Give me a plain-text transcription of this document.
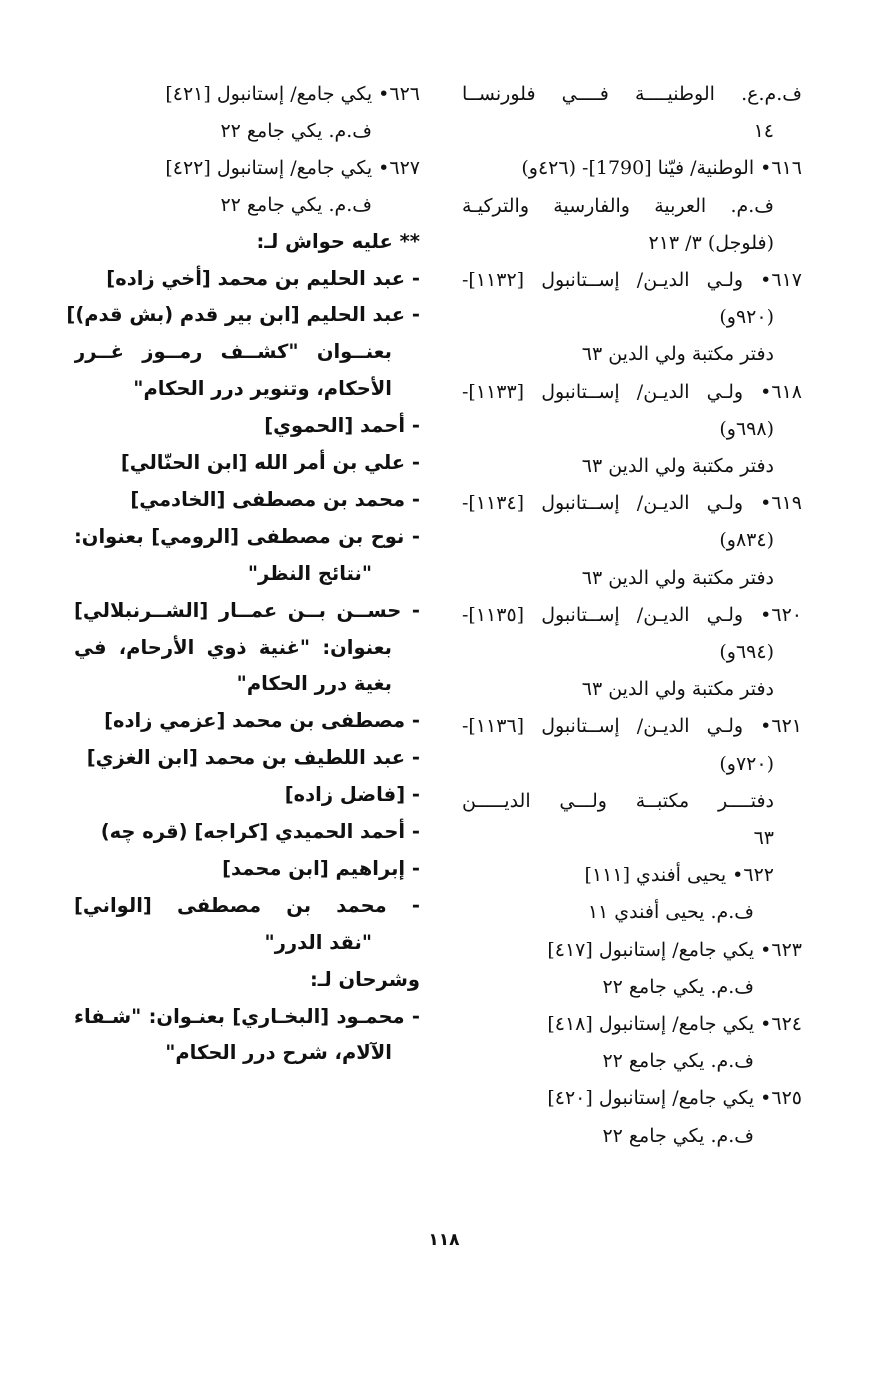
ف.م.ع. الوطنيــــة فــــي فلورنســا

١٤

٦١٦• الوطنية/ فيّنا [1790]- (٤٢٦و)

ف.م. العربية والفارسية والتركيـة

(فلوجل) ٣/ ٢١٣

٦١٧• ولـي الديـن/ إســتانبول [١١٣٢]-

(٩٢٠و)

دفتر مكتبة ولي الدين ٦٣

٦١٨• ولـي الديـن/ إســتانبول [١١٣٣]-

(٦٩٨و)

دفتر مكتبة ولي الدين ٦٣

٦١٩• ولـي الديـن/ إســتانبول [١١٣٤]-

(٨٣٤و)

دفتر مكتبة ولي الدين ٦٣

٦٢٠• ولـي الديـن/ إســتانبول [١١٣٥]-

(٦٩٤و)

دفتر مكتبة ولي الدين ٦٣

٦٢١• ولـي الديـن/ إســتانبول [١١٣٦]-

(٧٢٠و)

دفتــــر مكتبــة ولـــي الديـــــن

٦٣

٦٢٢• يحيى أفندي [١١١]

ف.م. يحيى أفندي ١١

٦٢٣• يكي جامع/ إستانبول [٤١٧]

ف.م. يكي جامع ٢٢

٦٢٤• يكي جامع/ إستانبول [٤١٨]

ف.م. يكي جامع ٢٢

٦٢٥• يكي جامع/ إستانبول [٤٢٠]

ف.م. يكي جامع ٢٢

٦٢٦• يكي جامع/ إستانبول [٤٢١]

ف.م. يكي جامع ٢٢

٦٢٧• يكي جامع/ إستانبول [٤٢٢]

ف.م. يكي جامع ٢٢

** عليه حواش لـ:

- عبد الحليم بن محمد [أخي زاده]

- عبد الحليم [ابن بير قدم (بش قدم)]

بعنــوان "كشــف رمــوز غــرر

الأحكام، وتنوير درر الحكام"

- أحمد [الحموي]

- علي بن أمر الله [ابن الحنّالي]

- محمد بن مصطفى [الخادمي]

- نوح بن مصطفى [الرومي] بعنوان:

"نتائج النظر"

- حســن بــن عمــار [الشــرنبلالي]

بعنوان: "غنية ذوي الأرحام، في

بغية درر الحكام"

- مصطفى بن محمد [عزمي زاده]

- عبد اللطيف بن محمد [ابن الغزي]

- [فاضل زاده]

- أحمد الحميدي [كراجه] (قره چه)

- إبراهيم [ابن محمد]

- محمد بن مصطفى [الواني]

"نقد الدرر"

وشرحان لـ:

- محمـود [البخـاري] بعنـوان: "شـفاء

الآلام، شرح درر الحكام"

١١٨
